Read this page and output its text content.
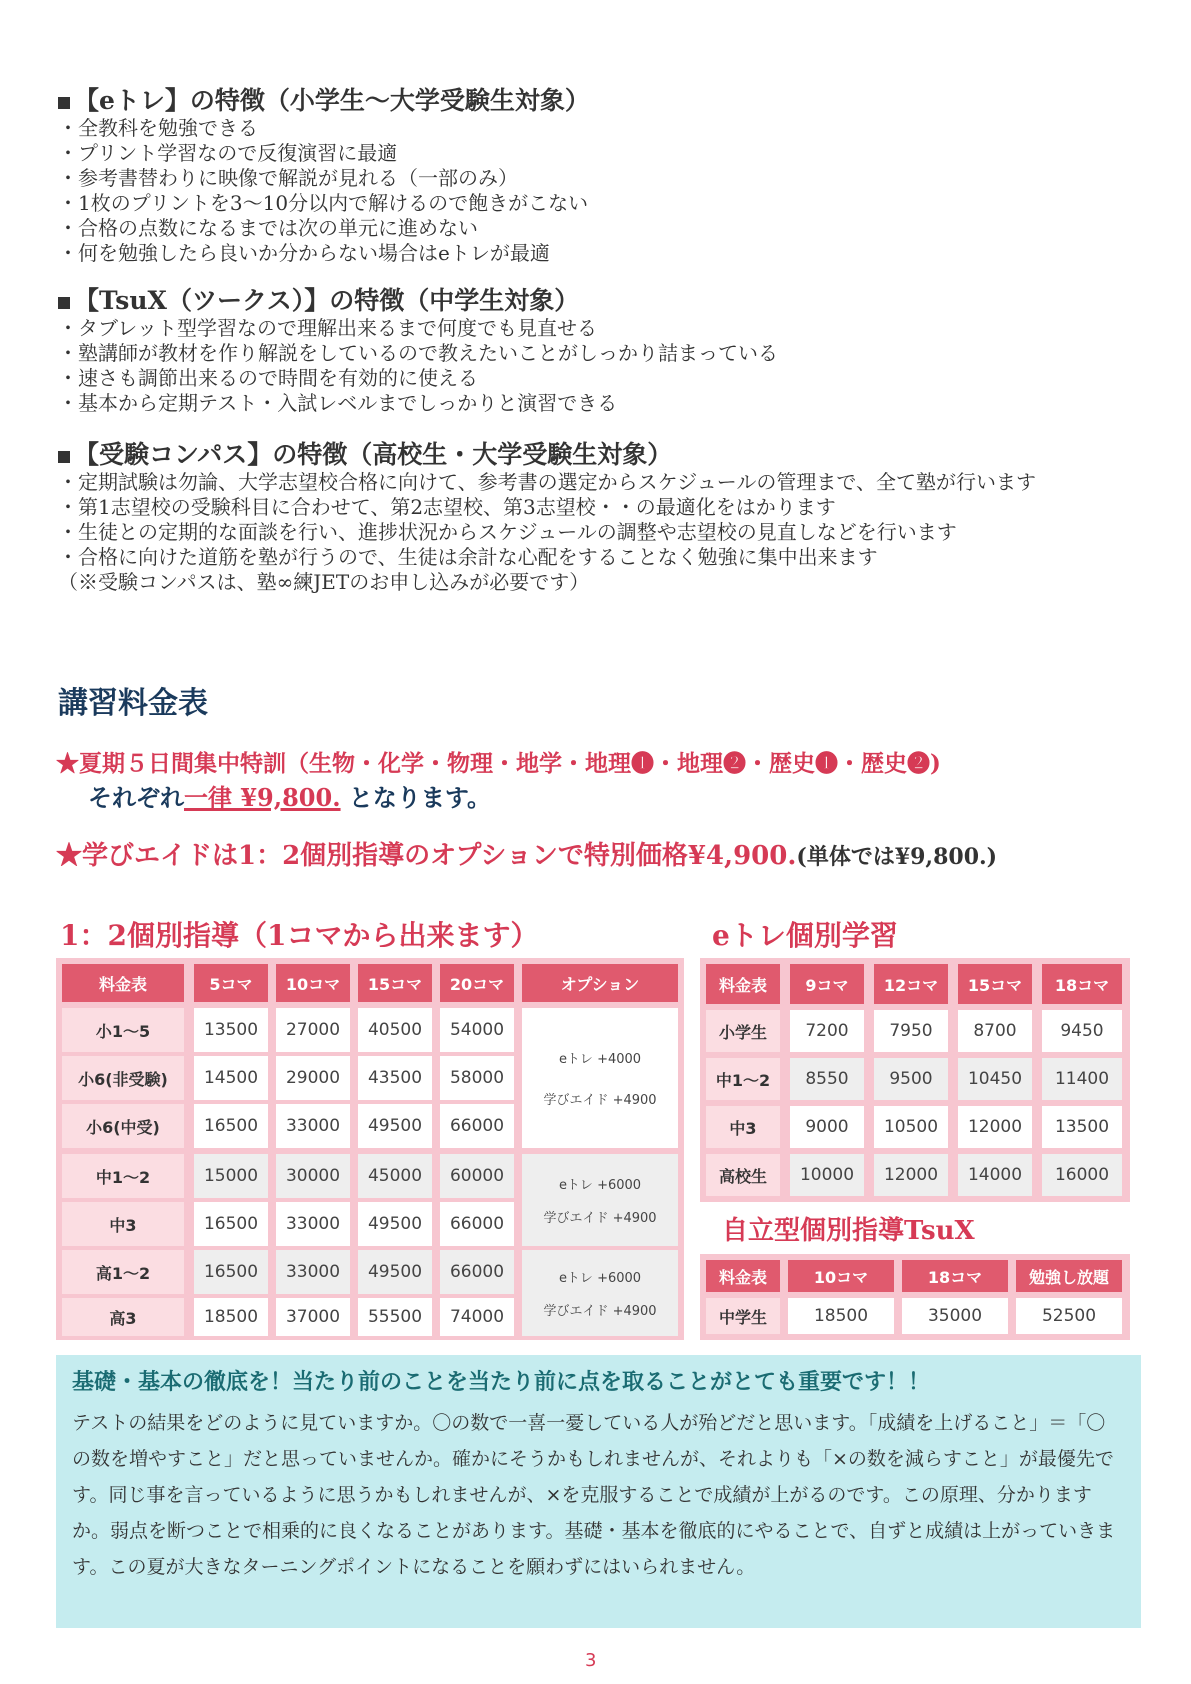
【eトレ】の特徴（小学生〜大学受験生対象）
・全教科を勉強できる
・プリント学習なので反復演習に最適
・参考書替わりに映像で解説が見れる（一部のみ）
・1枚のプリントを3〜10分以内で解けるので飽きがこない
・合格の点数になるまでは次の単元に進めない
・何を勉強したら良いか分からない場合はeトレが最適
【TsuX（ツークス）】の特徴（中学生対象）
・タブレット型学習なので理解出来るまで何度でも見直せる
・塾講師が教材を作り解説をしているので教えたいことがしっかり詰まっている
・速さも調節出来るので時間を有効的に使える
・基本から定期テスト・入試レベルまでしっかりと演習できる
【受験コンパス】の特徴（高校生・大学受験生対象）
・定期試験は勿論、大学志望校合格に向けて、参考書の選定からスケジュールの管理まで、全て塾が行います
・第1志望校の受験科目に合わせて、第2志望校、第3志望校・・の最適化をはかります
・生徒との定期的な面談を行い、進捗状況からスケジュールの調整や志望校の見直しなどを行います
・合格に向けた道筋を塾が行うので、生徒は余計な心配をすることなく勉強に集中出来ます
（※受験コンパスは、塾∞練JETのお申し込みが必要です）
講習料金表
★夏期５日間集中特訓（生物・化学・物理・地学・地理❶・地理❷・歴史❶・歴史❷)
それぞれ一律 ¥9,800. となります。
★学びエイドは1：2個別指導のオプションで特別価格¥4,900.(単体では¥9,800.)
1：2個別指導（1コマから出来ます）
料金表	5コマ	10コマ	15コマ	20コマ	オプション
小1〜5	13500	27000	40500	54000
小6(非受験)	14500	29000	43500	58000
小6(中受)	16500	33000	49500	66000
eトレ +4000
学びエイド +4900
中1〜2	15000	30000	45000	60000
中3	16500	33000	49500	66000
eトレ +6000
学びエイド +4900
高1〜2	16500	33000	49500	66000
高3	18500	37000	55500	74000
eトレ +6000
学びエイド +4900
eトレ個別学習
料金表	9コマ	12コマ	15コマ	18コマ
小学生	7200	7950	8700	9450
中1〜2	8550	9500	10450	11400
中3	9000	10500	12000	13500
高校生	10000	12000	14000	16000
自立型個別指導TsuX
料金表	10コマ	18コマ	勉強し放題
中学生	18500	35000	52500
基礎・基本の徹底を！当たり前のことを当たり前に点を取ることがとても重要です！！
テストの結果をどのように見ていますか。〇の数で一喜一憂している人が殆どだと思います。「成績を上げること」＝「〇の数を増やすこと」だと思っていませんか。確かにそうかもしれませんが、それよりも「×の数を減らすこと」が最優先です。同じ事を言っているように思うかもしれませんが、×を克服することで成績が上がるのです。この原理、分かりますか。弱点を断つことで相乗的に良くなることがあります。基礎・基本を徹底的にやることで、自ずと成績は上がっていきます。この夏が大きなターニングポイントになることを願わずにはいられません。
3
